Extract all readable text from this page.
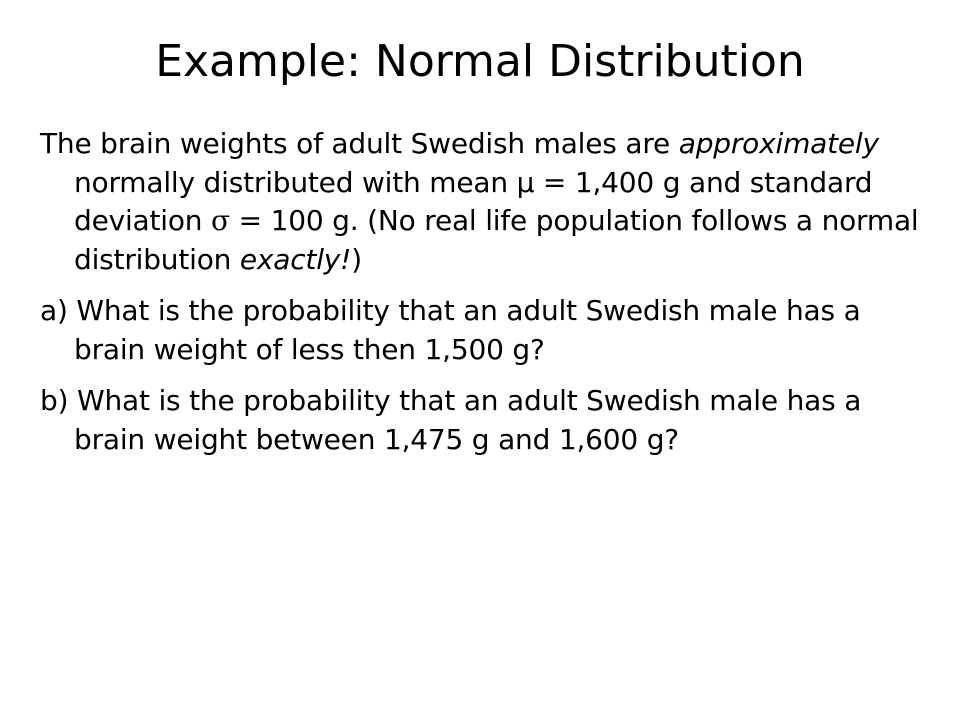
Example: Normal Distribution

The brain weights of adult Swedish males are approximately normally distributed with mean μ = 1,400 g and standard deviation σ = 100 g. (No real life population follows a normal distribution exactly!)

a) What is the probability that an adult Swedish male has a brain weight of less then 1,500 g?

b) What is the probability that an adult Swedish male has a brain weight between 1,475 g and 1,600 g?
